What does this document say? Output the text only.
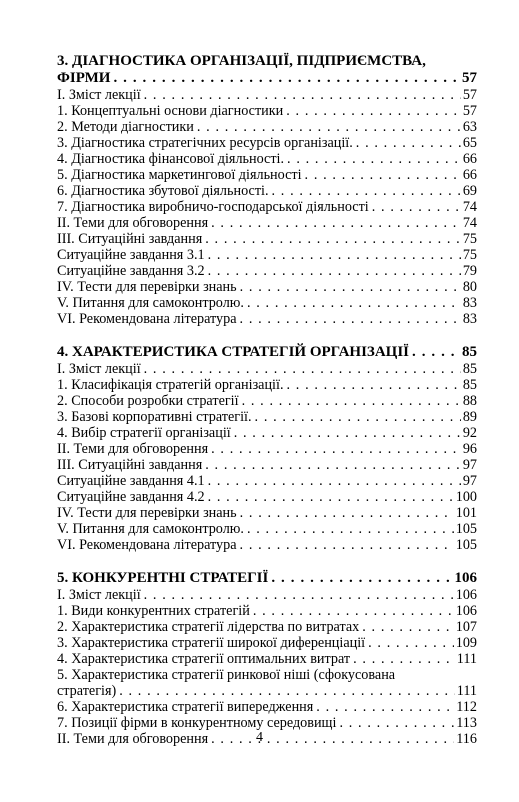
3. ДІАГНОСТИКА ОРГАНІЗАЦІЇ, ПІДПРИЄМСТВА,
ФІРМИ . . .	57
І. Зміст лекції . . .	57
1. Концептуальні основи діагностики . . .	57
2. Методи діагностики . . .	63
3. Діагностика стратегічних ресурсів організації. . . .	65
4. Діагностика фінансової діяльності. . . .	66
5. Діагностика маркетингової діяльності . . .	66
6. Діагностика збутової діяльності. . . .	69
7. Діагностика виробничо-господарської діяльності . . .	74
ІІ. Теми для обговорення . . .	74
ІІІ. Ситуаційні завдання . . .	75
Ситуаційне завдання 3.1 . . .	75
Ситуаційне завдання 3.2 . . .	79
ІV. Тести для перевірки знань . . .	80
V. Питання для самоконтролю. . . .	83
VІ. Рекомендована література . . .	83
4. ХАРАКТЕРИСТИКА СТРАТЕГІЙ ОРГАНІЗАЦІЇ . . .	85
І. Зміст лекції . . .	85
1. Класифікація стратегій організації. . . .	85
2. Способи розробки стратегії . . .	88
3. Базові корпоративні стратегії. . . .	89
4. Вибір стратегії організації . . .	92
ІІ. Теми для обговорення . . .	96
ІІІ. Ситуаційні завдання . . .	97
Ситуаційне завдання 4.1 . . .	97
Ситуаційне завдання 4.2 . . .	100
ІV. Тести для перевірки знань . . .	101
V. Питання для самоконтролю. . . .	105
VІ. Рекомендована література . . .	105
5. КОНКУРЕНТНІ СТРАТЕГІЇ . . .	106
І. Зміст лекції . . .	106
1. Види конкурентних стратегій . . .	106
2. Характеристика стратегії лідерства по витратах . . .	107
3. Характеристика стратегії широкої диференціації . . .	109
4. Характеристика стратегії оптимальних витрат . . .	111
5. Характеристика стратегії ринкової ніші (сфокусована
стратегія) . . .	111
6. Характеристика стратегії випередження . . .	112
7. Позиції фірми в конкурентному середовищі . . .	113
ІІ. Теми для обговорення . . .	116
4
